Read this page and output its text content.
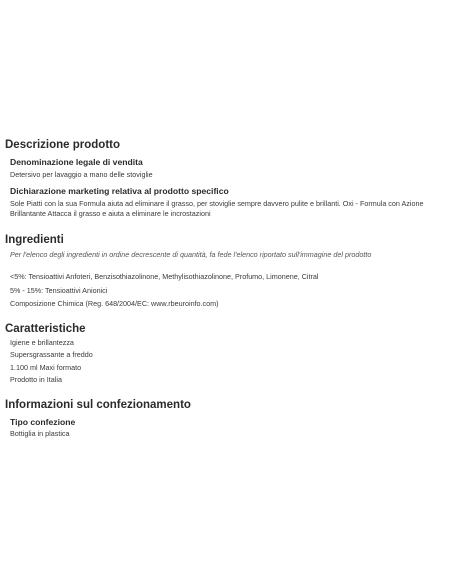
Descrizione prodotto
Denominazione legale di vendita

Detersivo per lavaggio a mano delle stoviglie

Dichiarazione marketing relativa al prodotto specifico

Sole Piatti con la sua Formula aiuta ad eliminare il grasso, per stoviglie sempre davvero pulite e brillanti. Oxi - Formula con Azione

Brillantante Attacca il grasso e aiuta a eliminare le incrostazioni

Ingredienti

Per l'elenco degli ingredienti in ordine decrescente di quantità, fa fede l'elenco riportato sull'immagine del prodotto

<5%: Tensioattivi Anfoteri, Benzisothiazolinone, Methylisothiazolinone, Profumo, Limonene, Citral

5% - 15%: Tensioattivi Anionici

Composizione Chimica (Reg. 648/2004/EC: www.rbeuroinfo.com)

Caratteristiche

Igiene e brillantezza

Supersgrassante a freddo

1.100 ml Maxi formato

Prodotto in Italia

Informazioni sul confezionamento
Tipo confezione

Bottiglia in plastica
